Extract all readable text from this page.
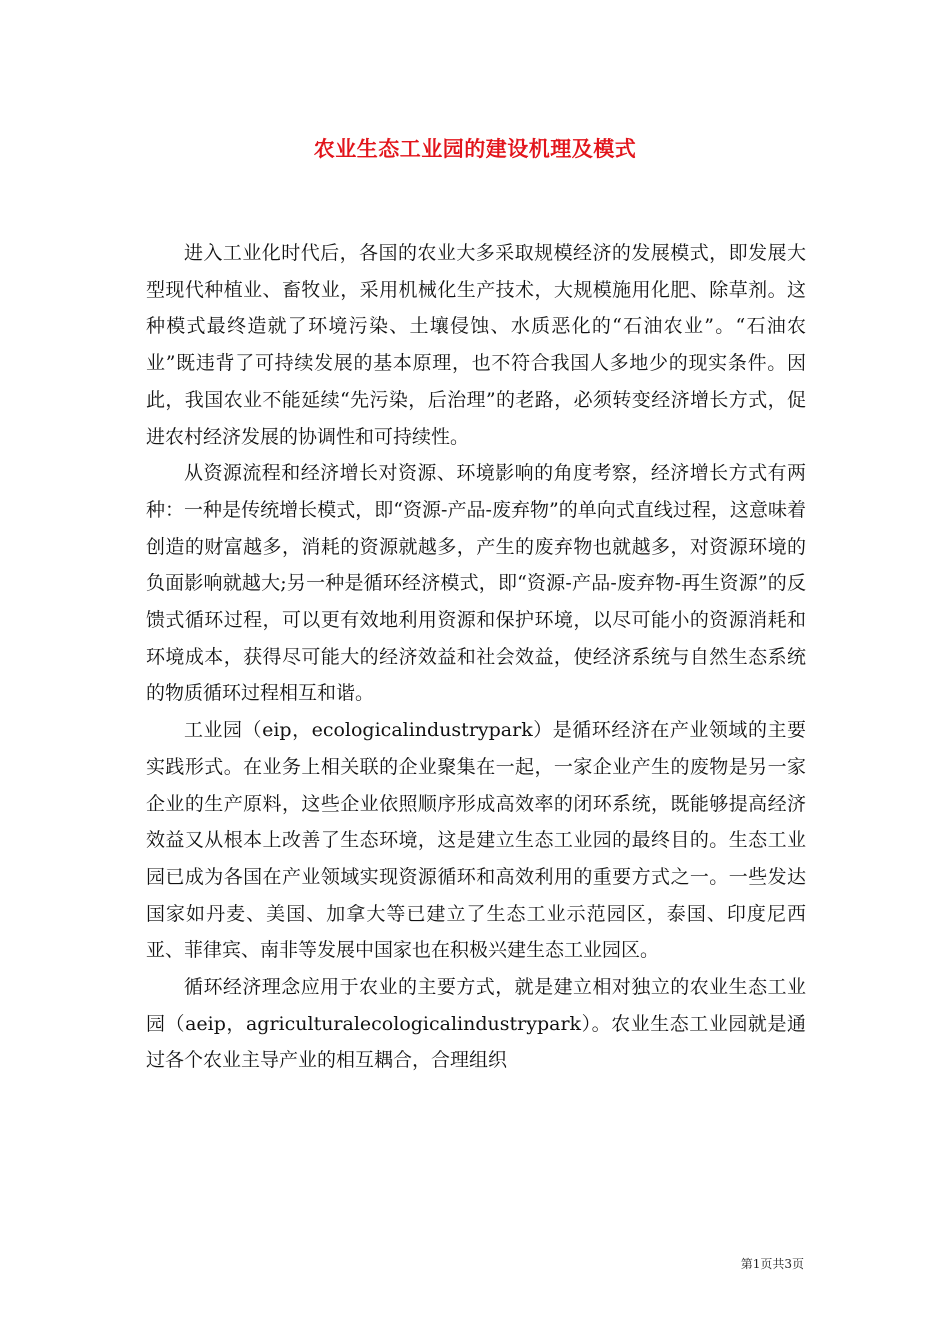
农业生态工业园的建设机理及模式

进入工业化时代后，各国的农业大多采取规模经济的发展模式，即发展大型现代种植业、畜牧业，采用机械化生产技术，大规模施用化肥、除草剂。这种模式最终造就了环境污染、土壤侵蚀、水质恶化的“石油农业”。“石油农业”既违背了可持续发展的基本原理，也不符合我国人多地少的现实条件。因此，我国农业不能延续“先污染，后治理”的老路，必须转变经济增长方式，促进农村经济发展的协调性和可持续性。

从资源流程和经济增长对资源、环境影响的角度考察，经济增长方式有两种：一种是传统增长模式，即“资源-产品-废弃物”的单向式直线过程，这意味着创造的财富越多，消耗的资源就越多，产生的废弃物也就越多，对资源环境的负面影响就越大;另一种是循环经济模式，即“资源-产品-废弃物-再生资源”的反馈式循环过程，可以更有效地利用资源和保护环境，以尽可能小的资源消耗和环境成本，获得尽可能大的经济效益和社会效益，使经济系统与自然生态系统的物质循环过程相互和谐。

工业园（eip，ecologicalindustrypark）是循环经济在产业领域的主要实践形式。在业务上相关联的企业聚集在一起，一家企业产生的废物是另一家企业的生产原料，这些企业依照顺序形成高效率的闭环系统，既能够提高经济效益又从根本上改善了生态环境，这是建立生态工业园的最终目的。生态工业园已成为各国在产业领域实现资源循环和高效利用的重要方式之一。一些发达国家如丹麦、美国、加拿大等已建立了生态工业示范园区，泰国、印度尼西亚、菲律宾、南非等发展中国家也在积极兴建生态工业园区。

循环经济理念应用于农业的主要方式，就是建立相对独立的农业生态工业园（aeip，agriculturalecologicalindustrypark）。农业生态工业园就是通过各个农业主导产业的相互耦合，合理组织

第1页共3页
